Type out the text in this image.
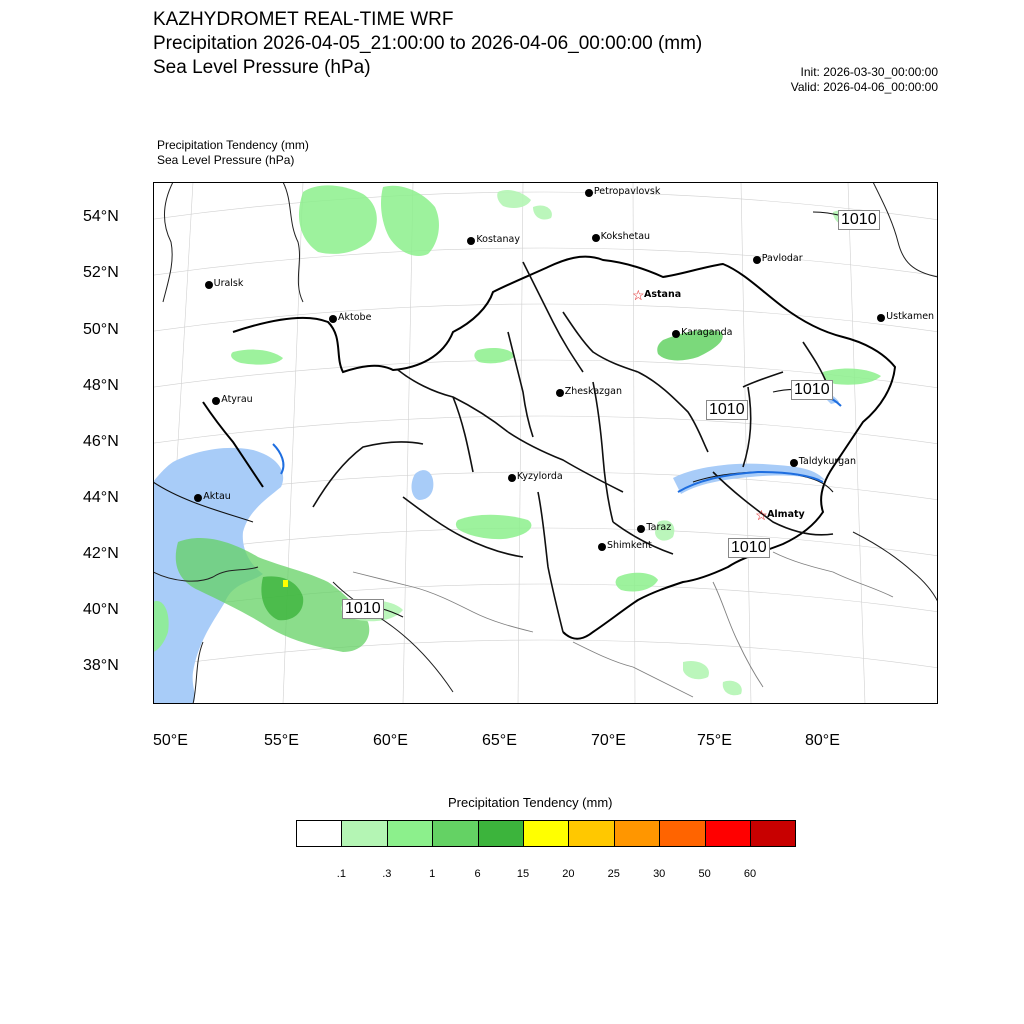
KAZHYDROMET REAL-TIME WRF
Precipitation 2026-04-05_21:00:00 to 2026-04-06_00:00:00 (mm)
Sea Level Pressure (hPa)	Init: 2026-03-30_00:00:00
Valid: 2026-04-06_00:00:00
Precipitation Tendency (mm)
Sea Level Pressure (hPa)
54°N
52°N
50°N
48°N
46°N
44°N
42°N
40°N
38°N
50°E	55°E	60°E	65°E	70°E	75°E	80°E
1010
1010
1010
1010
1010
Petropavlovsk
Kostanay	Kokshetau
Uralsk
Pavlodar
☆ Astana
Aktobe	Ustkamen
Karaganda
Atyrau
Zheskazgan
Taldykurgan
Kyzylorda
Aktau
☆ Almaty
Taraz
Shimkent
Precipitation Tendency (mm)
.1	.3	1	6	15	20	25	30	50	60
